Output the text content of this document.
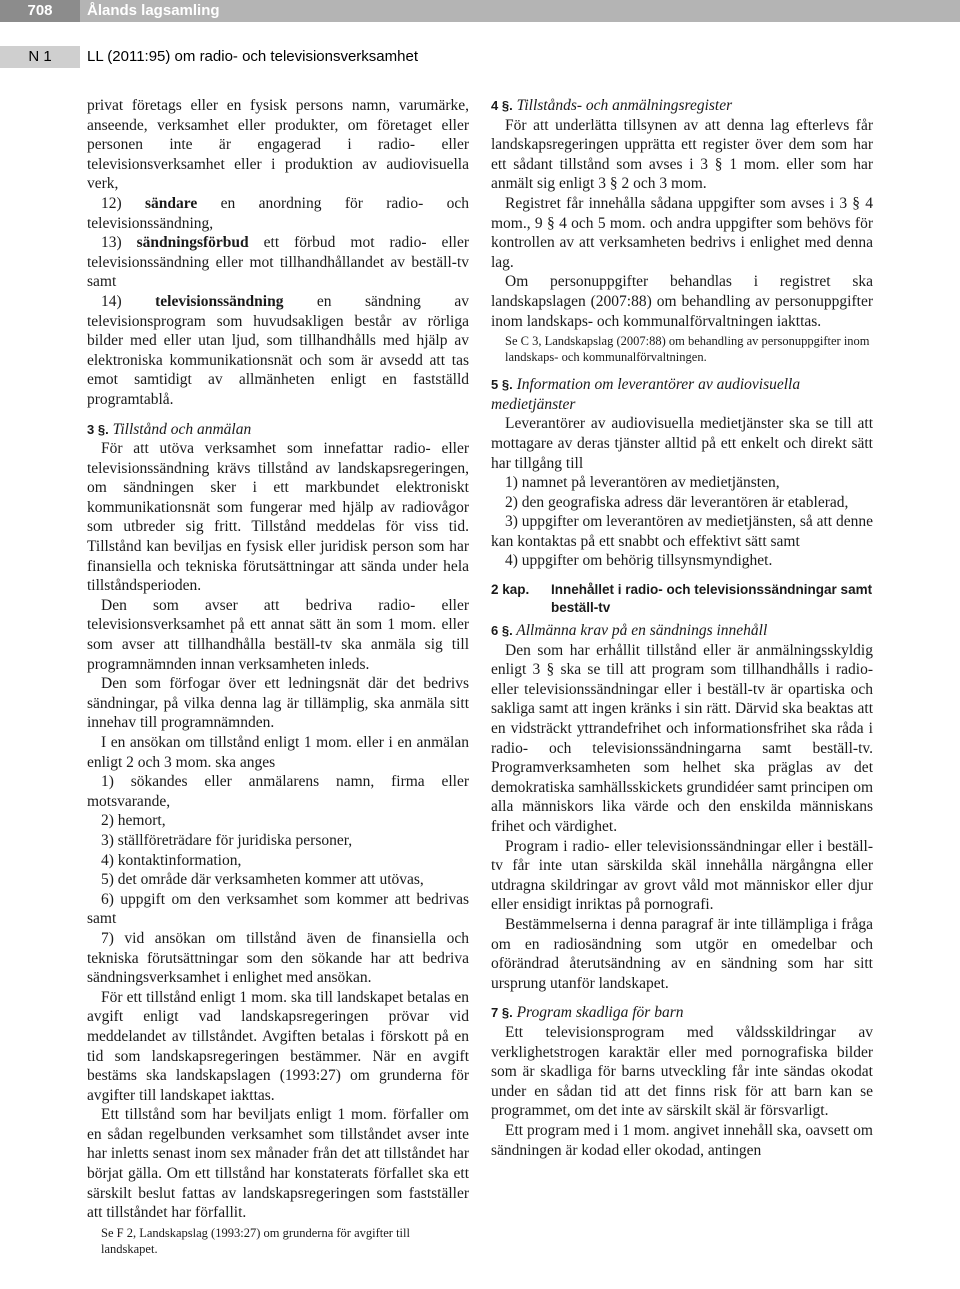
708	Ålands lagsamling
N 1	LL (2011:95) om radio- och televisionsverksamhet

privat företags eller en fysisk persons namn, varumärke, anseende, verksamhet eller produkter, om företaget eller personen inte är engagerad i radio- eller televisionsverksamhet eller i produktion av audiovisuella verk,

12) sändare en anordning för radio- och televisionssändning,

13) sändningsförbud ett förbud mot radio- eller televisionssändning eller mot tillhandhållandet av beställ-tv samt

14) televisionssändning en sändning av televisionsprogram som huvudsakligen består av rörliga bilder med eller utan ljud, som tillhandhålls med hjälp av elektroniska kommunikationsnät och som är avsedd att tas emot samtidigt av allmänheten enligt en fastställd programtablå.

3 §. Tillstånd och anmälan

För att utöva verksamhet som innefattar radio- eller televisionssändning krävs tillstånd av landskapsregeringen, om sändningen sker i ett markbundet elektroniskt kommunikationsnät som fungerar med hjälp av radiovågor som utbreder sig fritt. Tillstånd meddelas för viss tid. Tillstånd kan beviljas en fysisk eller juridisk person som har finansiella och tekniska förutsättningar att sända under hela tillståndsperioden.

Den som avser att bedriva radio- eller televisionsverksamhet på ett annat sätt än som 1 mom. eller som avser att tillhandhålla beställ-tv ska anmäla sig till programnämnden innan verksamheten inleds.

Den som förfogar över ett ledningsnät där det bedrivs sändningar, på vilka denna lag är tillämplig, ska anmäla sitt innehav till programnämnden.

I en ansökan om tillstånd enligt 1 mom. eller i en anmälan enligt 2 och 3 mom. ska anges

1) sökandes eller anmälarens namn, firma eller motsvarande,

2) hemort,

3) ställföreträdare för juridiska personer,

4) kontaktinformation,

5) det område där verksamheten kommer att utövas,

6) uppgift om den verksamhet som kommer att bedrivas samt

7) vid ansökan om tillstånd även de finansiella och tekniska förutsättningar som den sökande har att bedriva sändningsverksamhet i enlighet med ansökan.

För ett tillstånd enligt 1 mom. ska till landskapet betalas en avgift enligt vad landskapsregeringen prövar vid meddelandet av tillståndet. Avgiften betalas i förskott på en tid som landskapsregeringen bestämmer. När en avgift bestäms ska landskapslagen (1993:27) om grunderna för avgifter till landskapet iakttas.

Ett tillstånd som har beviljats enligt 1 mom. förfaller om en sådan regelbunden verksamhet som tillståndet avser inte har inletts senast inom sex månader från det att tillståndet har börjat gälla. Om ett tillstånd har konstaterats förfallet ska ett särskilt beslut fattas av landskapsregeringen som fastställer att tillståndet har förfallit.

Se F 2, Landskapslag (1993:27) om grunderna för avgifter till landskapet.

4 §. Tillstånds- och anmälningsregister

För att underlätta tillsynen av att denna lag efterlevs får landskapsregeringen upprätta ett register över dem som har ett sådant tillstånd som avses i 3 § 1 mom. eller som har anmält sig enligt 3 § 2 och 3 mom.

Registret får innehålla sådana uppgifter som avses i 3 § 4 mom., 9 § 4 och 5 mom. och andra uppgifter som behövs för kontrollen av att verksamheten bedrivs i enlighet med denna lag.

Om personuppgifter behandlas i registret ska landskapslagen (2007:88) om behandling av personuppgifter inom landskaps- och kommunalförvaltningen iakttas.

Se C 3, Landskapslag (2007:88) om behandling av personuppgifter inom landskaps- och kommunalförvaltningen.

5 §. Information om leverantörer av audiovisuella medietjänster

Leverantörer av audiovisuella medietjänster ska se till att mottagare av deras tjänster alltid på ett enkelt och direkt sätt har tillgång till

1) namnet på leverantören av medietjänsten,

2) den geografiska adress där leverantören är etablerad,

3) uppgifter om leverantören av medietjänsten, så att denne kan kontaktas på ett snabbt och effektivt sätt samt

4) uppgifter om behörig tillsynsmyndighet.

2 kap. Innehållet i radio- och televisionssändningar samt beställ-tv

6 §. Allmänna krav på en sändnings innehåll

Den som har erhållit tillstånd eller är anmälningsskyldig enligt 3 § ska se till att program som tillhandhålls i radio- eller televisionssändningar eller i beställ-tv är opartiska och sakliga samt att ingen kränks i sin rätt. Därvid ska beaktas att en vidsträckt yttrandefrihet och informationsfrihet ska råda i radio- och televisionssändningarna samt beställ-tv. Programverksamheten som helhet ska präglas av det demokratiska samhällsskickets grundidéer samt principen om alla människors lika värde och den enskilda människans frihet och värdighet.

Program i radio- eller televisionssändningar eller i beställ-tv får inte utan särskilda skäl innehålla närgångna eller utdragna skildringar av grovt våld mot människor eller djur eller ensidigt inriktas på pornografi.

Bestämmelserna i denna paragraf är inte tillämpliga i fråga om en radiosändning som utgör en omedelbar och oförändrad återutsändning av en sändning som har sitt ursprung utanför landskapet.

7 §. Program skadliga för barn

Ett televisionsprogram med våldsskildringar av verklighetstrogen karaktär eller med pornografiska bilder som är skadliga för barns utveckling får inte sändas okodat under en sådan tid att det finns risk för att barn kan se programmet, om det inte av särskilt skäl är försvarligt.

Ett program med i 1 mom. angivet innehåll ska, oavsett om sändningen är kodad eller okodad, antingen
